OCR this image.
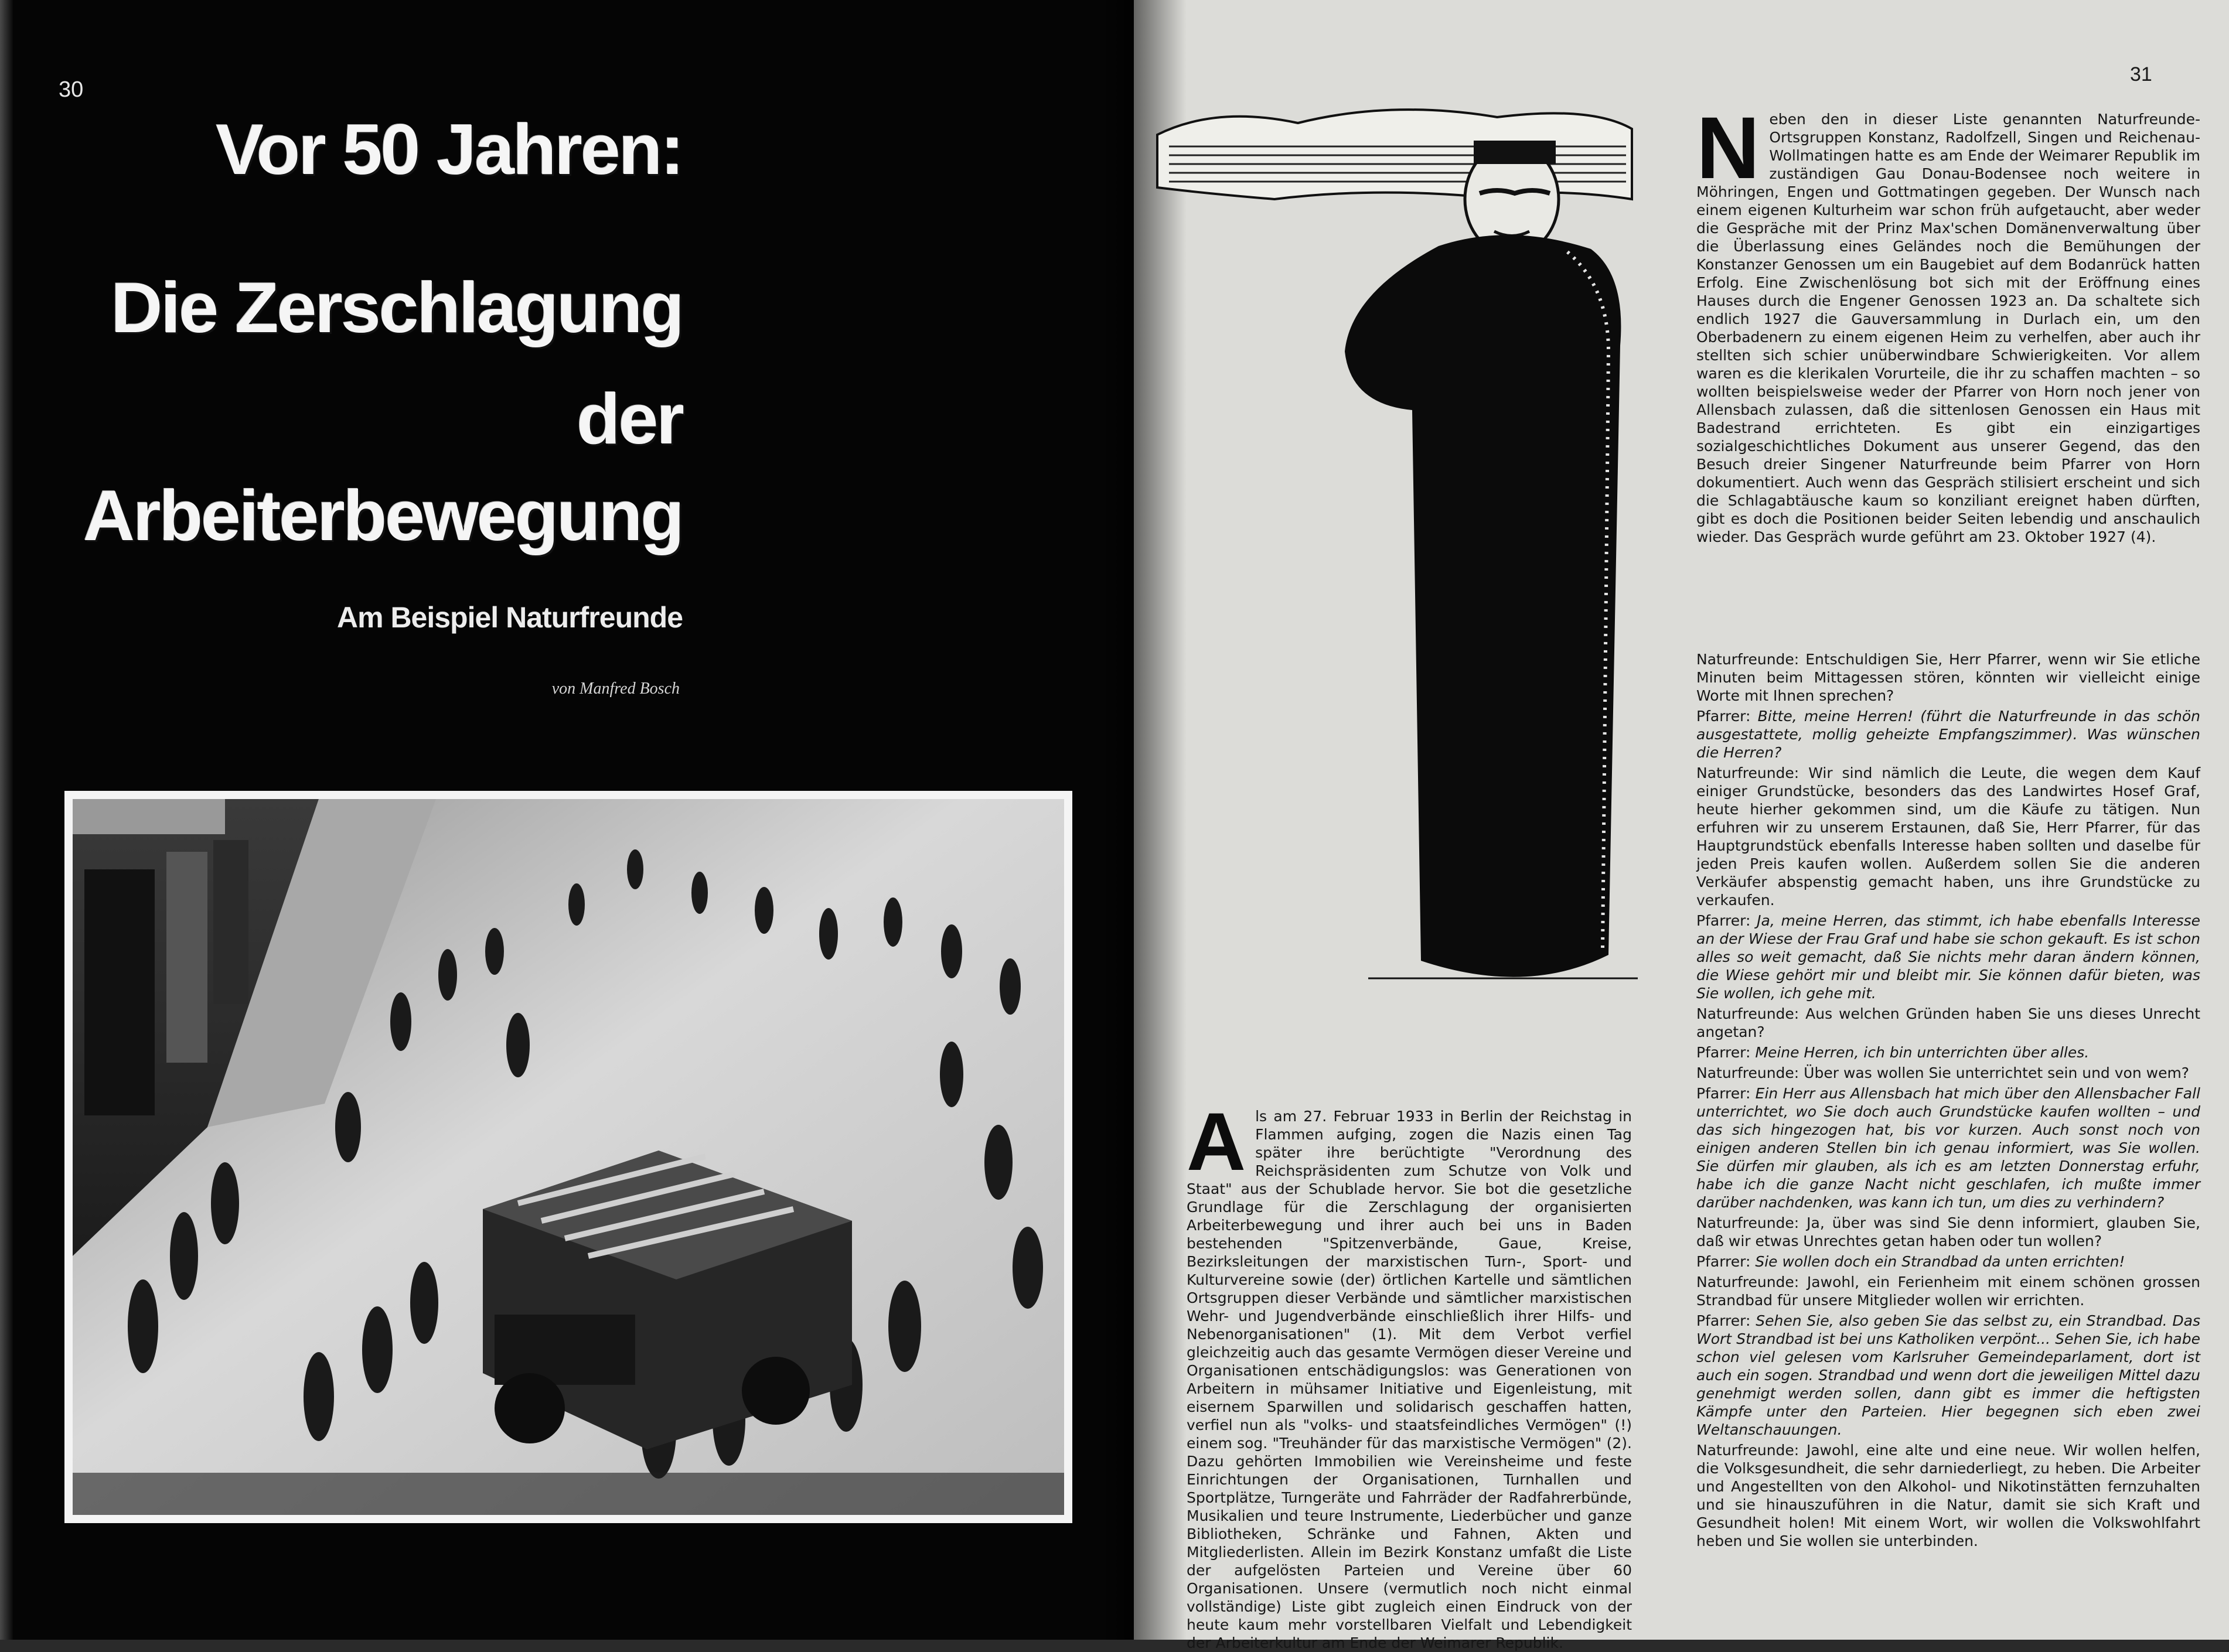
30
Vor 50 Jahren:
Die Zerschlagung
der
Arbeiterbewegung
Am Beispiel Naturfreunde
von Manfred Bosch
31
N eben den in dieser Liste genannten Naturfreunde-Ortsgruppen Konstanz, Radolfzell, Singen und Reichenau-Wollmatingen hatte es am Ende der Weimarer Republik im zuständigen Gau Donau-Bodensee noch weitere in Möhringen, Engen und Gottmatingen gegeben. Der Wunsch nach einem eigenen Kulturheim war schon früh aufgetaucht, aber weder die Gespräche mit der Prinz Max'schen Domänenverwaltung über die Überlassung eines Geländes noch die Bemühungen der Konstanzer Genossen um ein Baugebiet auf dem Bodanrück hatten Erfolg. Eine Zwischenlösung bot sich mit der Eröffnung eines Hauses durch die Engener Genossen 1923 an. Da schaltete sich endlich 1927 die Gauversammlung in Durlach ein, um den Oberbadenern zu einem eigenen Heim zu verhelfen, aber auch ihr stellten sich schier unüberwindbare Schwierigkeiten. Vor allem waren es die klerikalen Vorurteile, die ihr zu schaffen machten – so wollten beispielsweise weder der Pfarrer von Horn noch jener von Allensbach zulassen, daß die sittenlosen Genossen ein Haus mit Badestrand errichteten. Es gibt ein einzigartiges sozialgeschichtliches Dokument aus unserer Gegend, das den Besuch dreier Singener Naturfreunde beim Pfarrer von Horn dokumentiert. Auch wenn das Gespräch stilisiert erscheint und sich die Schlagabtäusche kaum so konziliant ereignet haben dürften, gibt es doch die Positionen beider Seiten lebendig und anschaulich wieder. Das Gespräch wurde geführt am 23. Oktober 1927 (4).

Naturfreunde: Entschuldigen Sie, Herr Pfarrer, wenn wir Sie etliche Minuten beim Mittagessen stören, könnten wir vielleicht einige Worte mit Ihnen sprechen?

Pfarrer: Bitte, meine Herren! (führt die Naturfreunde in das schön ausgestattete, mollig geheizte Empfangszimmer). Was wünschen die Herren?

Naturfreunde: Wir sind nämlich die Leute, die wegen dem Kauf einiger Grundstücke, besonders das des Landwirtes Hosef Graf, heute hierher gekommen sind, um die Käufe zu tätigen. Nun erfuhren wir zu unserem Erstaunen, daß Sie, Herr Pfarrer, für das Hauptgrundstück ebenfalls Interesse haben sollten und daselbe für jeden Preis kaufen wollen. Außerdem sollen Sie die anderen Verkäufer abspenstig gemacht haben, uns ihre Grundstücke zu verkaufen.

Pfarrer: Ja, meine Herren, das stimmt, ich habe ebenfalls Interesse an der Wiese der Frau Graf und habe sie schon gekauft. Es ist schon alles so weit gemacht, daß Sie nichts mehr daran ändern können, die Wiese gehört mir und bleibt mir. Sie können dafür bieten, was Sie wollen, ich gehe mit.

Naturfreunde: Aus welchen Gründen haben Sie uns dieses Unrecht angetan?

Pfarrer: Meine Herren, ich bin unterrichten über alles.

Naturfreunde: Über was wollen Sie unterrichtet sein und von wem?

Pfarrer: Ein Herr aus Allensbach hat mich über den Allensbacher Fall unterrichtet, wo Sie doch auch Grundstücke kaufen wollten – und das sich hingezogen hat, bis vor kurzen. Auch sonst noch von einigen anderen Stellen bin ich genau informiert, was Sie wollen. Sie dürfen mir glauben, als ich es am letzten Donnerstag erfuhr, habe ich die ganze Nacht nicht geschlafen, ich mußte immer darüber nachdenken, was kann ich tun, um dies zu verhindern?

Naturfreunde: Ja, über was sind Sie denn informiert, glauben Sie, daß wir etwas Unrechtes getan haben oder tun wollen?

Pfarrer: Sie wollen doch ein Strandbad da unten errichten!

Naturfreunde: Jawohl, ein Ferienheim mit einem schönen grossen Strandbad für unsere Mitglieder wollen wir errichten.

Pfarrer: Sehen Sie, also geben Sie das selbst zu, ein Strandbad. Das Wort Strandbad ist bei uns Katholiken verpönt... Sehen Sie, ich habe schon viel gelesen vom Karlsruher Gemeindeparlament, dort ist auch ein sogen. Strandbad und wenn dort die jeweiligen Mittel dazu genehmigt werden sollen, dann gibt es immer die heftigsten Kämpfe unter den Parteien. Hier begegnen sich eben zwei Weltanschauungen.

Naturfreunde: Jawohl, eine alte und eine neue. Wir wollen helfen, die Volksgesundheit, die sehr darniederliegt, zu heben. Die Arbeiter und Angestellten von den Alkohol- und Nikotinstätten fernzuhalten und sie hinauszuführen in die Natur, damit sie sich Kraft und Gesundheit holen! Mit einem Wort, wir wollen die Volkswohlfahrt heben und Sie wollen sie unterbinden.

A ls am 27. Februar 1933 in Berlin der Reichstag in Flammen aufging, zogen die Nazis einen Tag später ihre berüchtigte "Verordnung des Reichspräsidenten zum Schutze von Volk und Staat" aus der Schublade hervor. Sie bot die gesetzliche Grundlage für die Zerschlagung der organisierten Arbeiterbewegung und ihrer auch bei uns in Baden bestehenden "Spitzenverbände, Gaue, Kreise, Bezirksleitungen der marxistischen Turn-, Sport- und Kulturvereine sowie (der) örtlichen Kartelle und sämtlichen Ortsgruppen dieser Verbände und sämtlicher marxistischen Wehr- und Jugendverbände einschließlich ihrer Hilfs- und Nebenorganisationen" (1). Mit dem Verbot verfiel gleichzeitig auch das gesamte Vermögen dieser Vereine und Organisationen entschädigungslos: was Generationen von Arbeitern in mühsamer Initiative und Eigenleistung, mit eisernem Sparwillen und solidarisch geschaffen hatten, verfiel nun als "volks- und staatsfeindliches Vermögen" (!) einem sog. "Treuhänder für das marxistische Vermögen" (2). Dazu gehörten Immobilien wie Vereinsheime und feste Einrichtungen der Organisationen, Turnhallen und Sportplätze, Turngeräte und Fahrräder der Radfahrerbünde, Musikalien und teure Instrumente, Liederbücher und ganze Bibliotheken, Schränke und Fahnen, Akten und Mitgliederlisten. Allein im Bezirk Konstanz umfaßt die Liste der aufgelösten Parteien und Vereine über 60 Organisationen. Unsere (vermutlich noch nicht einmal vollständige) Liste gibt zugleich einen Eindruck von der heute kaum mehr vorstellbaren Vielfalt und Lebendigkeit der Arbeiterkultur am Ende der Weimarer Republik.
